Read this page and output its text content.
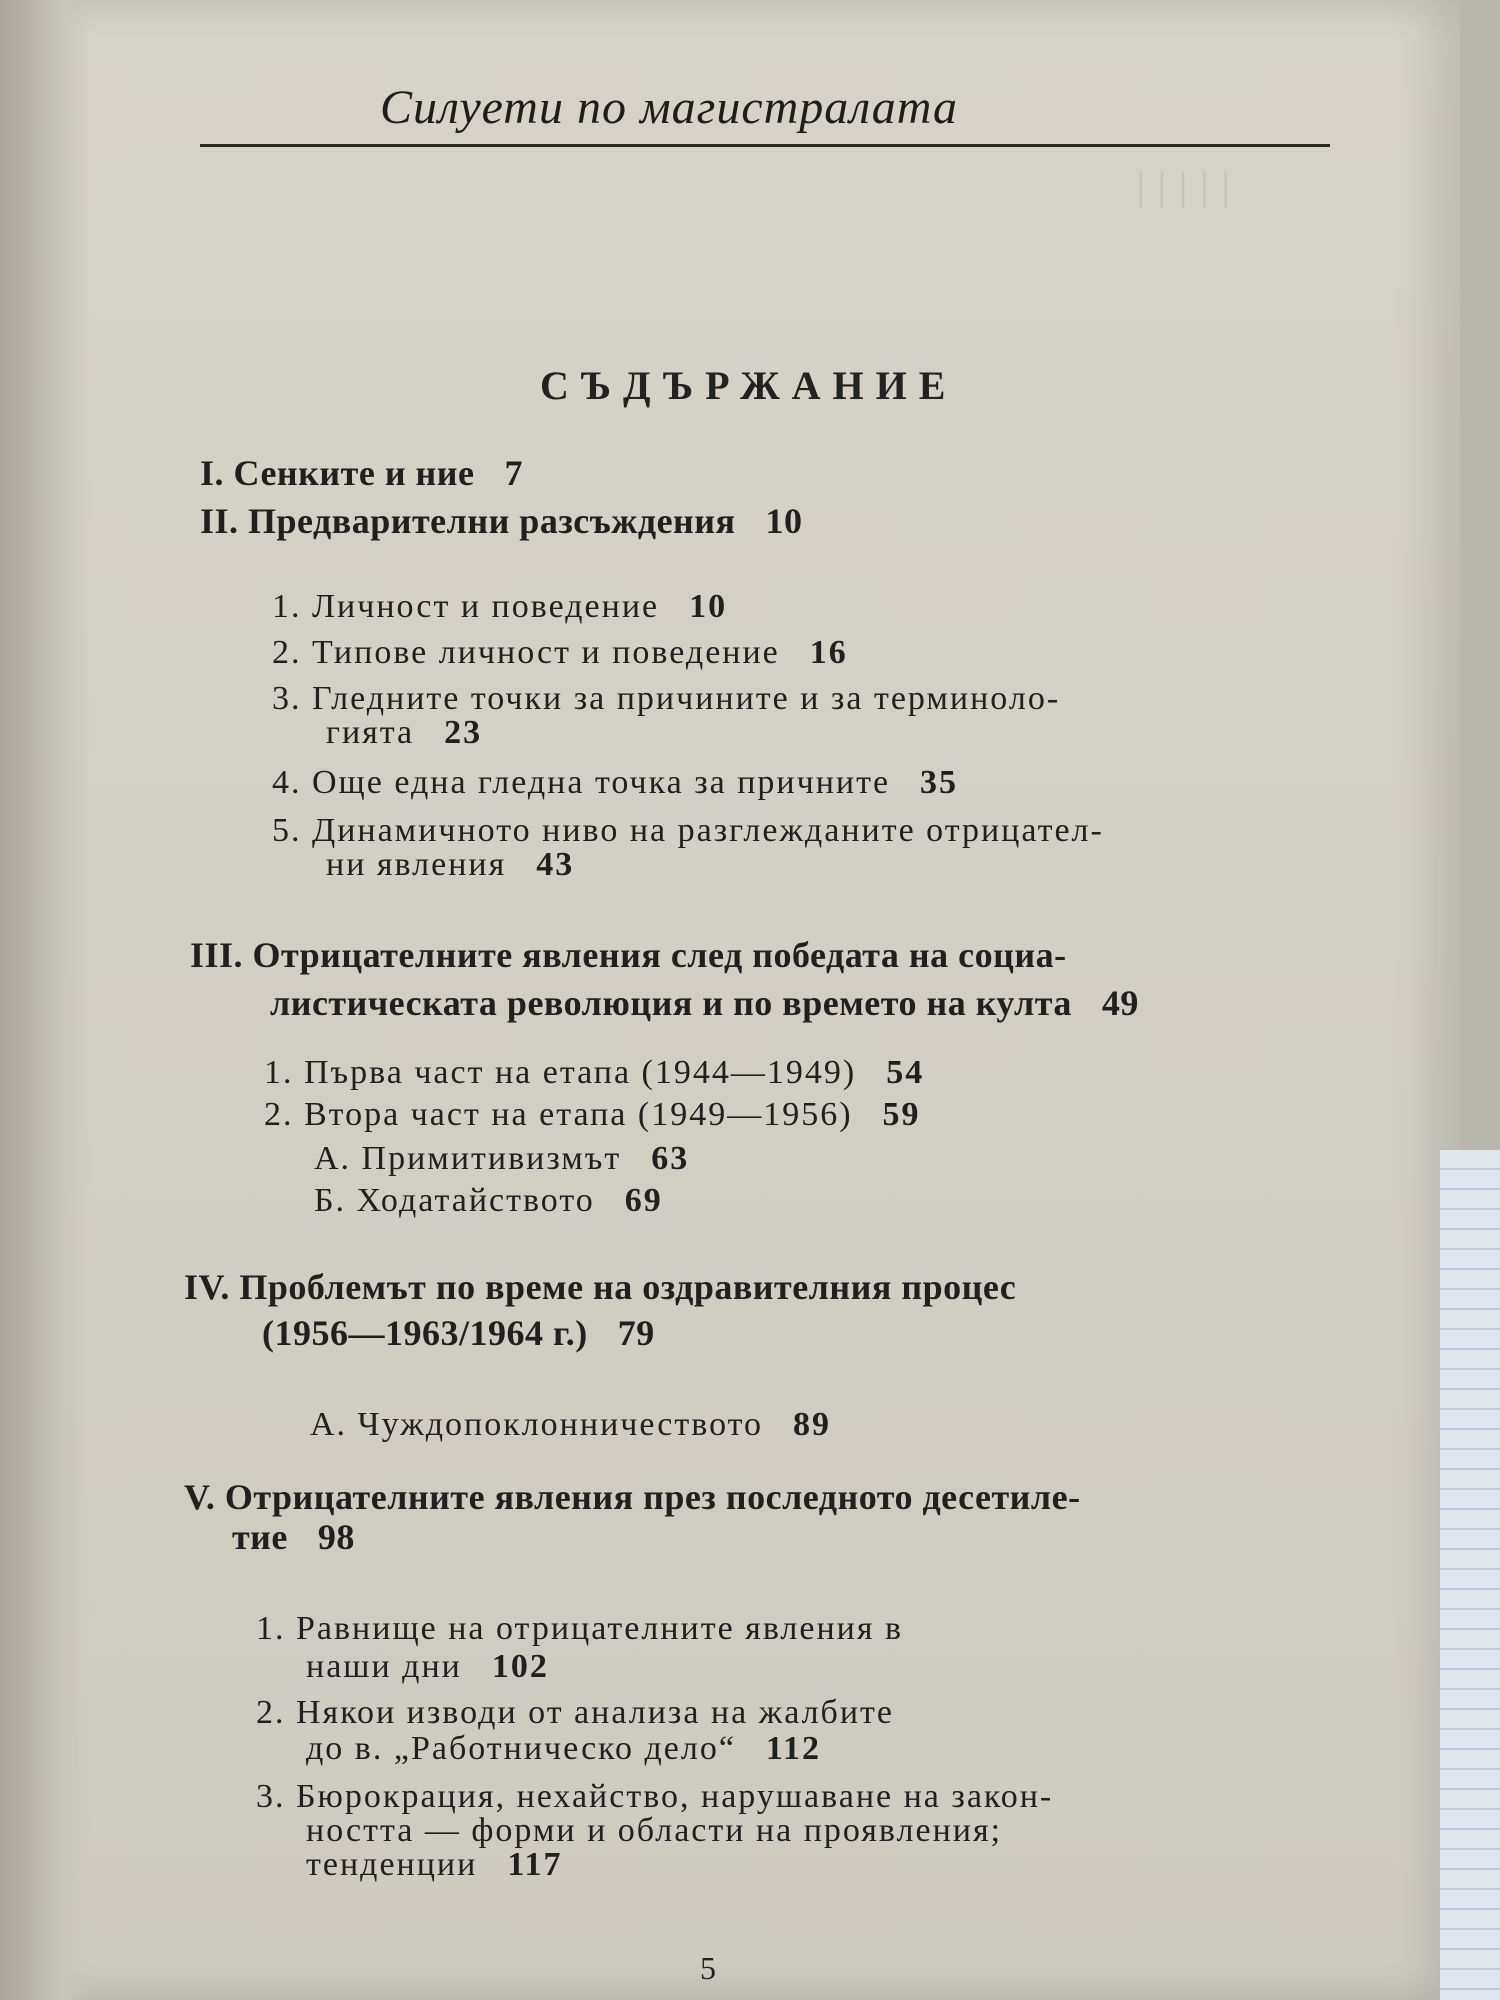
│││││
Силуети по магистралата
СЪДЪРЖАНИЕ
I. Сенките и ние 7
II. Предварителни разсъждения 10
1. Личност и поведение 10
2. Типове личност и поведение 16
3. Гледните точки за причините и за терминоло-
гията 23
4. Още една гледна точка за причните 35
5. Динамичното ниво на разглежданите отрицател-
ни явления 43
III. Отрицателните явления след победата на социа-
листическата революция и по времето на култа 49
1. Първа част на етапа (1944—1949) 54
2. Втора част на етапа (1949—1956) 59
А. Примитивизмът 63
Б. Ходатайството 69
IV. Проблемът по време на оздравителния процес
(1956—1963/1964 г.) 79
А. Чуждопоклонничеството 89
V. Отрицателните явления през последното десетиле-
тие 98
1. Равнище на отрицателните явления в
наши дни 102
2. Някои изводи от анализа на жалбите
до в. „Работническо дело“ 112
3. Бюрокрация, нехайство, нарушаване на закон-
ността — форми и области на проявления;
тенденции 117
5
